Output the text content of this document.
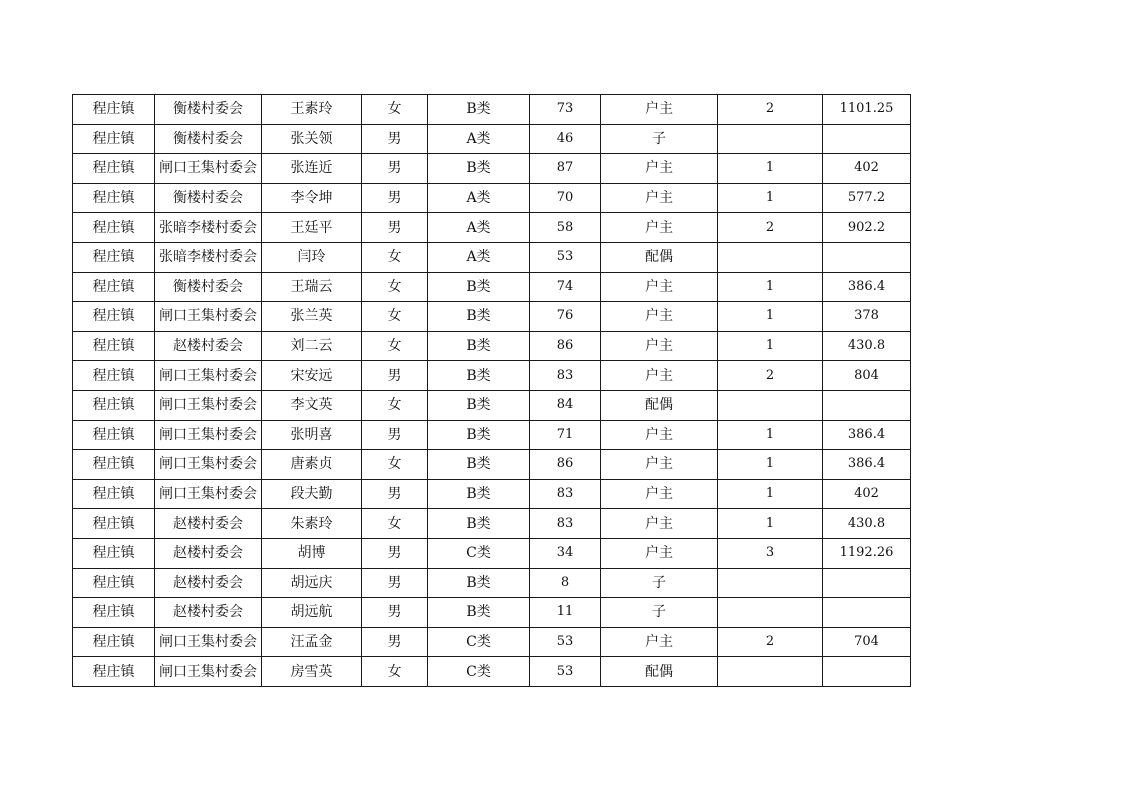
程庄镇	衡楼村委会	王素玲	女	B类	73	户主	2	1101.25
程庄镇	衡楼村委会	张关领	男	A类	46	子		
程庄镇	闸口王集村委会	张连近	男	B类	87	户主	1	402
程庄镇	衡楼村委会	李令坤	男	A类	70	户主	1	577.2
程庄镇	张暗李楼村委会	王廷平	男	A类	58	户主	2	902.2
程庄镇	张暗李楼村委会	闫玲	女	A类	53	配偶		
程庄镇	衡楼村委会	王瑞云	女	B类	74	户主	1	386.4
程庄镇	闸口王集村委会	张兰英	女	B类	76	户主	1	378
程庄镇	赵楼村委会	刘二云	女	B类	86	户主	1	430.8
程庄镇	闸口王集村委会	宋安远	男	B类	83	户主	2	804
程庄镇	闸口王集村委会	李文英	女	B类	84	配偶		
程庄镇	闸口王集村委会	张明喜	男	B类	71	户主	1	386.4
程庄镇	闸口王集村委会	唐素贞	女	B类	86	户主	1	386.4
程庄镇	闸口王集村委会	段夫勤	男	B类	83	户主	1	402
程庄镇	赵楼村委会	朱素玲	女	B类	83	户主	1	430.8
程庄镇	赵楼村委会	胡博	男	C类	34	户主	3	1192.26
程庄镇	赵楼村委会	胡远庆	男	B类	8	子		
程庄镇	赵楼村委会	胡远航	男	B类	11	子		
程庄镇	闸口王集村委会	汪孟金	男	C类	53	户主	2	704
程庄镇	闸口王集村委会	房雪英	女	C类	53	配偶		
